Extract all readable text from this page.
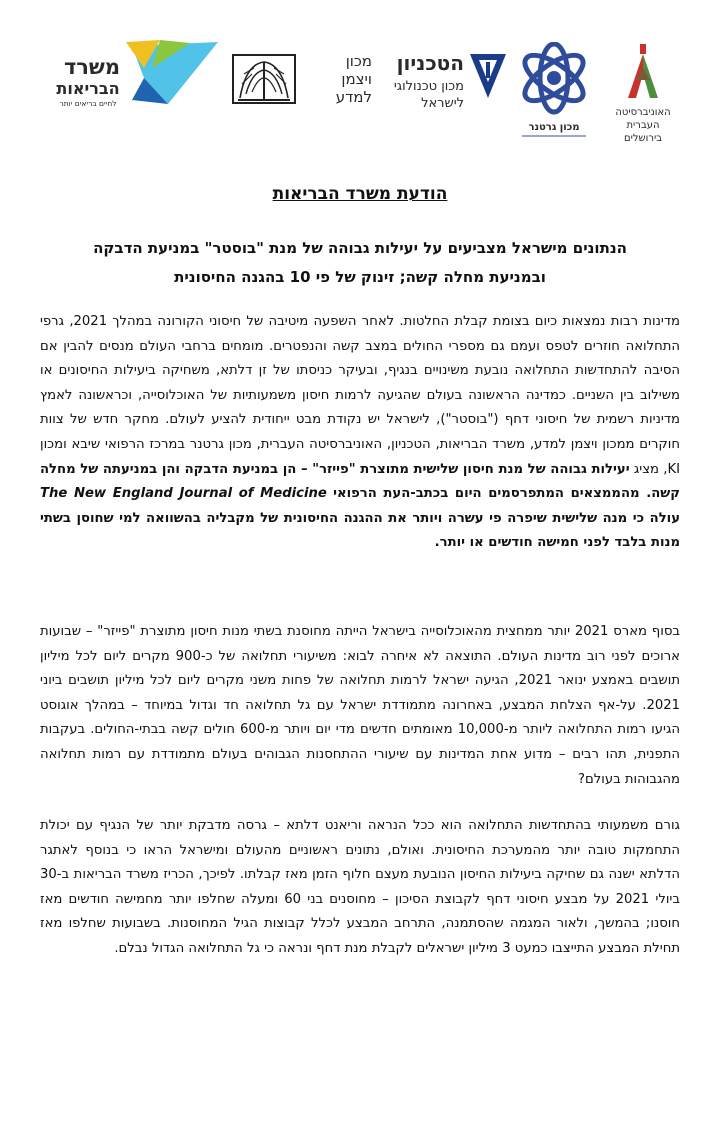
משרד
הבריאות
לחיים בריאים יותר
מכון
ויצמן
למדע
הטכניון
מכון טכנולוגי
לישראל
מכון גרטנר
האוניברסיטה
העברית
בירושלים
הודעת משרד הבריאות
הנתונים מישראל מצביעים על יעילות גבוהה של מנת "בוסטר" במניעת הדבקה
ובמניעת מחלה קשה; זינוק של פי 10 בהגנה החיסונית

מדינות רבות נמצאות כיום בצומת קבלת החלטות. לאחר השפעה מיטיבה של חיסוני הקורונה במהלך 2021, גרפי התחלואה חוזרים לטפס ועמם גם מספרי החולים במצב קשה והנפטרים. מומחים ברחבי העולם מנסים להבין אם הסיבה להתחדשות התחלואה נובעת משינויים בנגיף, ובעיקר כניסתו של זן דלתא, משחיקה ביעילות החיסונים או משילוב בין השניים. כמדינה הראשונה בעולם שהגיעה לרמות חיסון משמעותיות של האוכלוסייה, וכראשונה לאמץ מדיניות רשמית של חיסוני דחף ("בוסטר"), לישראל יש נקודת מבט ייחודית להציע לעולם. מחקר חדש של צוות חוקרים ממכון ויצמן למדע, משרד הבריאות, הטכניון, האוניברסיטה העברית, מכון גרטנר במרכז הרפואי שיבא ומכון KI, מציג יעילות גבוהה של מנת חיסון שלישית מתוצרת "פייזר" – הן במניעת הדבקה והן במניעתה של מחלה קשה. מהממצאים המתפרסמים היום בכתב-העת הרפואי The New England Journal of Medicine עולה כי מנה שלישית שיפרה פי עשרה ויותר את ההגנה החיסונית של מקבליה בהשוואה למי שחוסן בשתי מנות בלבד לפני חמישה חודשים או יותר.

בסוף מארס 2021 יותר ממחצית מהאוכלוסייה בישראל הייתה מחוסנת בשתי מנות חיסון מתוצרת "פייזר" – שבועות ארוכים לפני רוב מדינות העולם. התוצאה לא איחרה לבוא: משיעורי תחלואה של כ-900 מקרים ליום לכל מיליון תושבים באמצע ינואר 2021, הגיעה ישראל לרמות תחלואה של פחות משני מקרים ליום לכל מיליון תושבים ביוני 2021. על-אף הצלחת המבצע, באחרונה מתמודדת ישראל עם גל תחלואה חד וגדול במיוחד – במהלך אוגוסט הגיעו רמות התחלואה ליותר מ-10,000 מאומתים חדשים מדי יום ויותר מ-600 חולים קשה בבתי-החולים. בעקבות התפנית, תהו רבים – מדוע אחת המדינות עם שיעורי ההתחסנות הגבוהים בעולם מתמודדת עם רמות תחלואה מהגבוהות בעולם?

גורם משמעותי בהתחדשות התחלואה הוא ככל הנראה וריאנט דלתא – גרסה מדבקת יותר של הנגיף עם יכולת התחמקות טובה יותר מהמערכת החיסונית. ואולם, נתונים ראשוניים מהעולם ומישראל הראו כי בנוסף לאתגר הדלתא ישנה גם שחיקה ביעילות החיסון הנובעת מעצם חלוף הזמן מאז קבלתו. לפיכך, הכריז משרד הבריאות ב-30 ביולי 2021 על מבצע חיסוני דחף לקבוצת הסיכון – מחוסנים בני 60 ומעלה שחלפו יותר מחמישה חודשים מאז חוסנו; בהמשך, ולאור המגמה שהסתמנה, התרחב המבצע לכלל קבוצות הגיל המחוסנות. בשבועות שחלפו מאז תחילת המבצע התייצבו כמעט 3 מיליון ישראלים לקבלת מנת דחף ונראה כי גל התחלואה הגדול נבלם.
